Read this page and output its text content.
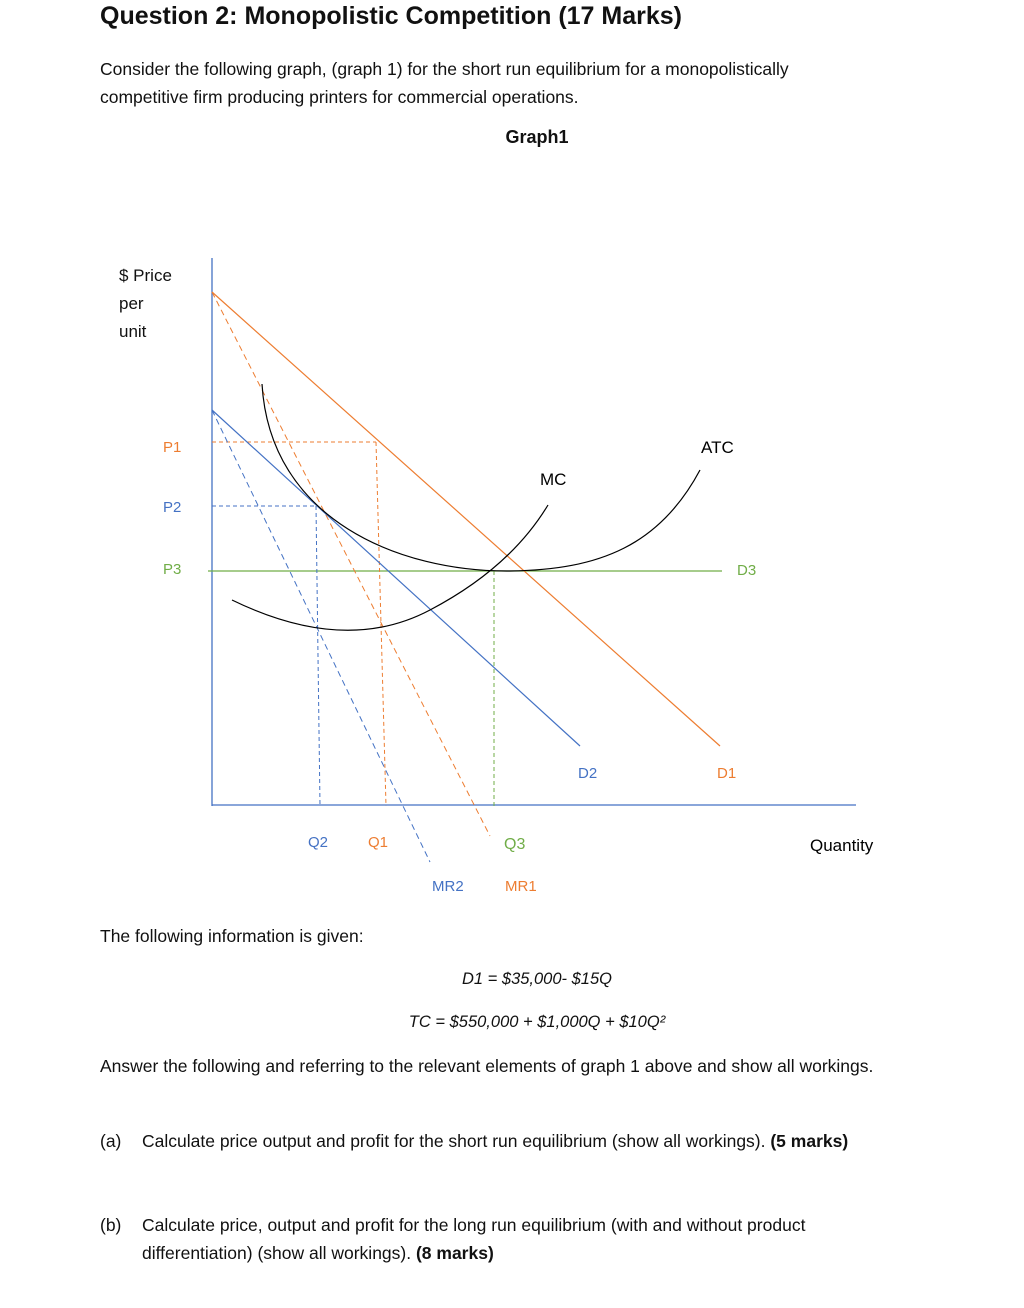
Question 2: Monopolistic Competition (17 Marks)
Consider the following graph, (graph 1) for the short run equilibrium for a monopolistically
competitive firm producing printers for commercial operations.
Graph1
$ Price
per
unit
P1
P2
P3
ATC
MC
D3
D2	D1
MR2	MR1
Q2	Q1	Q3	Quantity
The following information is given:
D1 = $35,000- $15Q
TC = $550,000 + $1,000Q + $10Q²
Answer the following and referring to the relevant elements of graph 1 above and show all workings.
(a) Calculate price output and profit for the short run equilibrium (show all workings). (5 marks)
(b) Calculate price, output and profit for the long run equilibrium (with and without product
differentiation) (show all workings). (8 marks)
